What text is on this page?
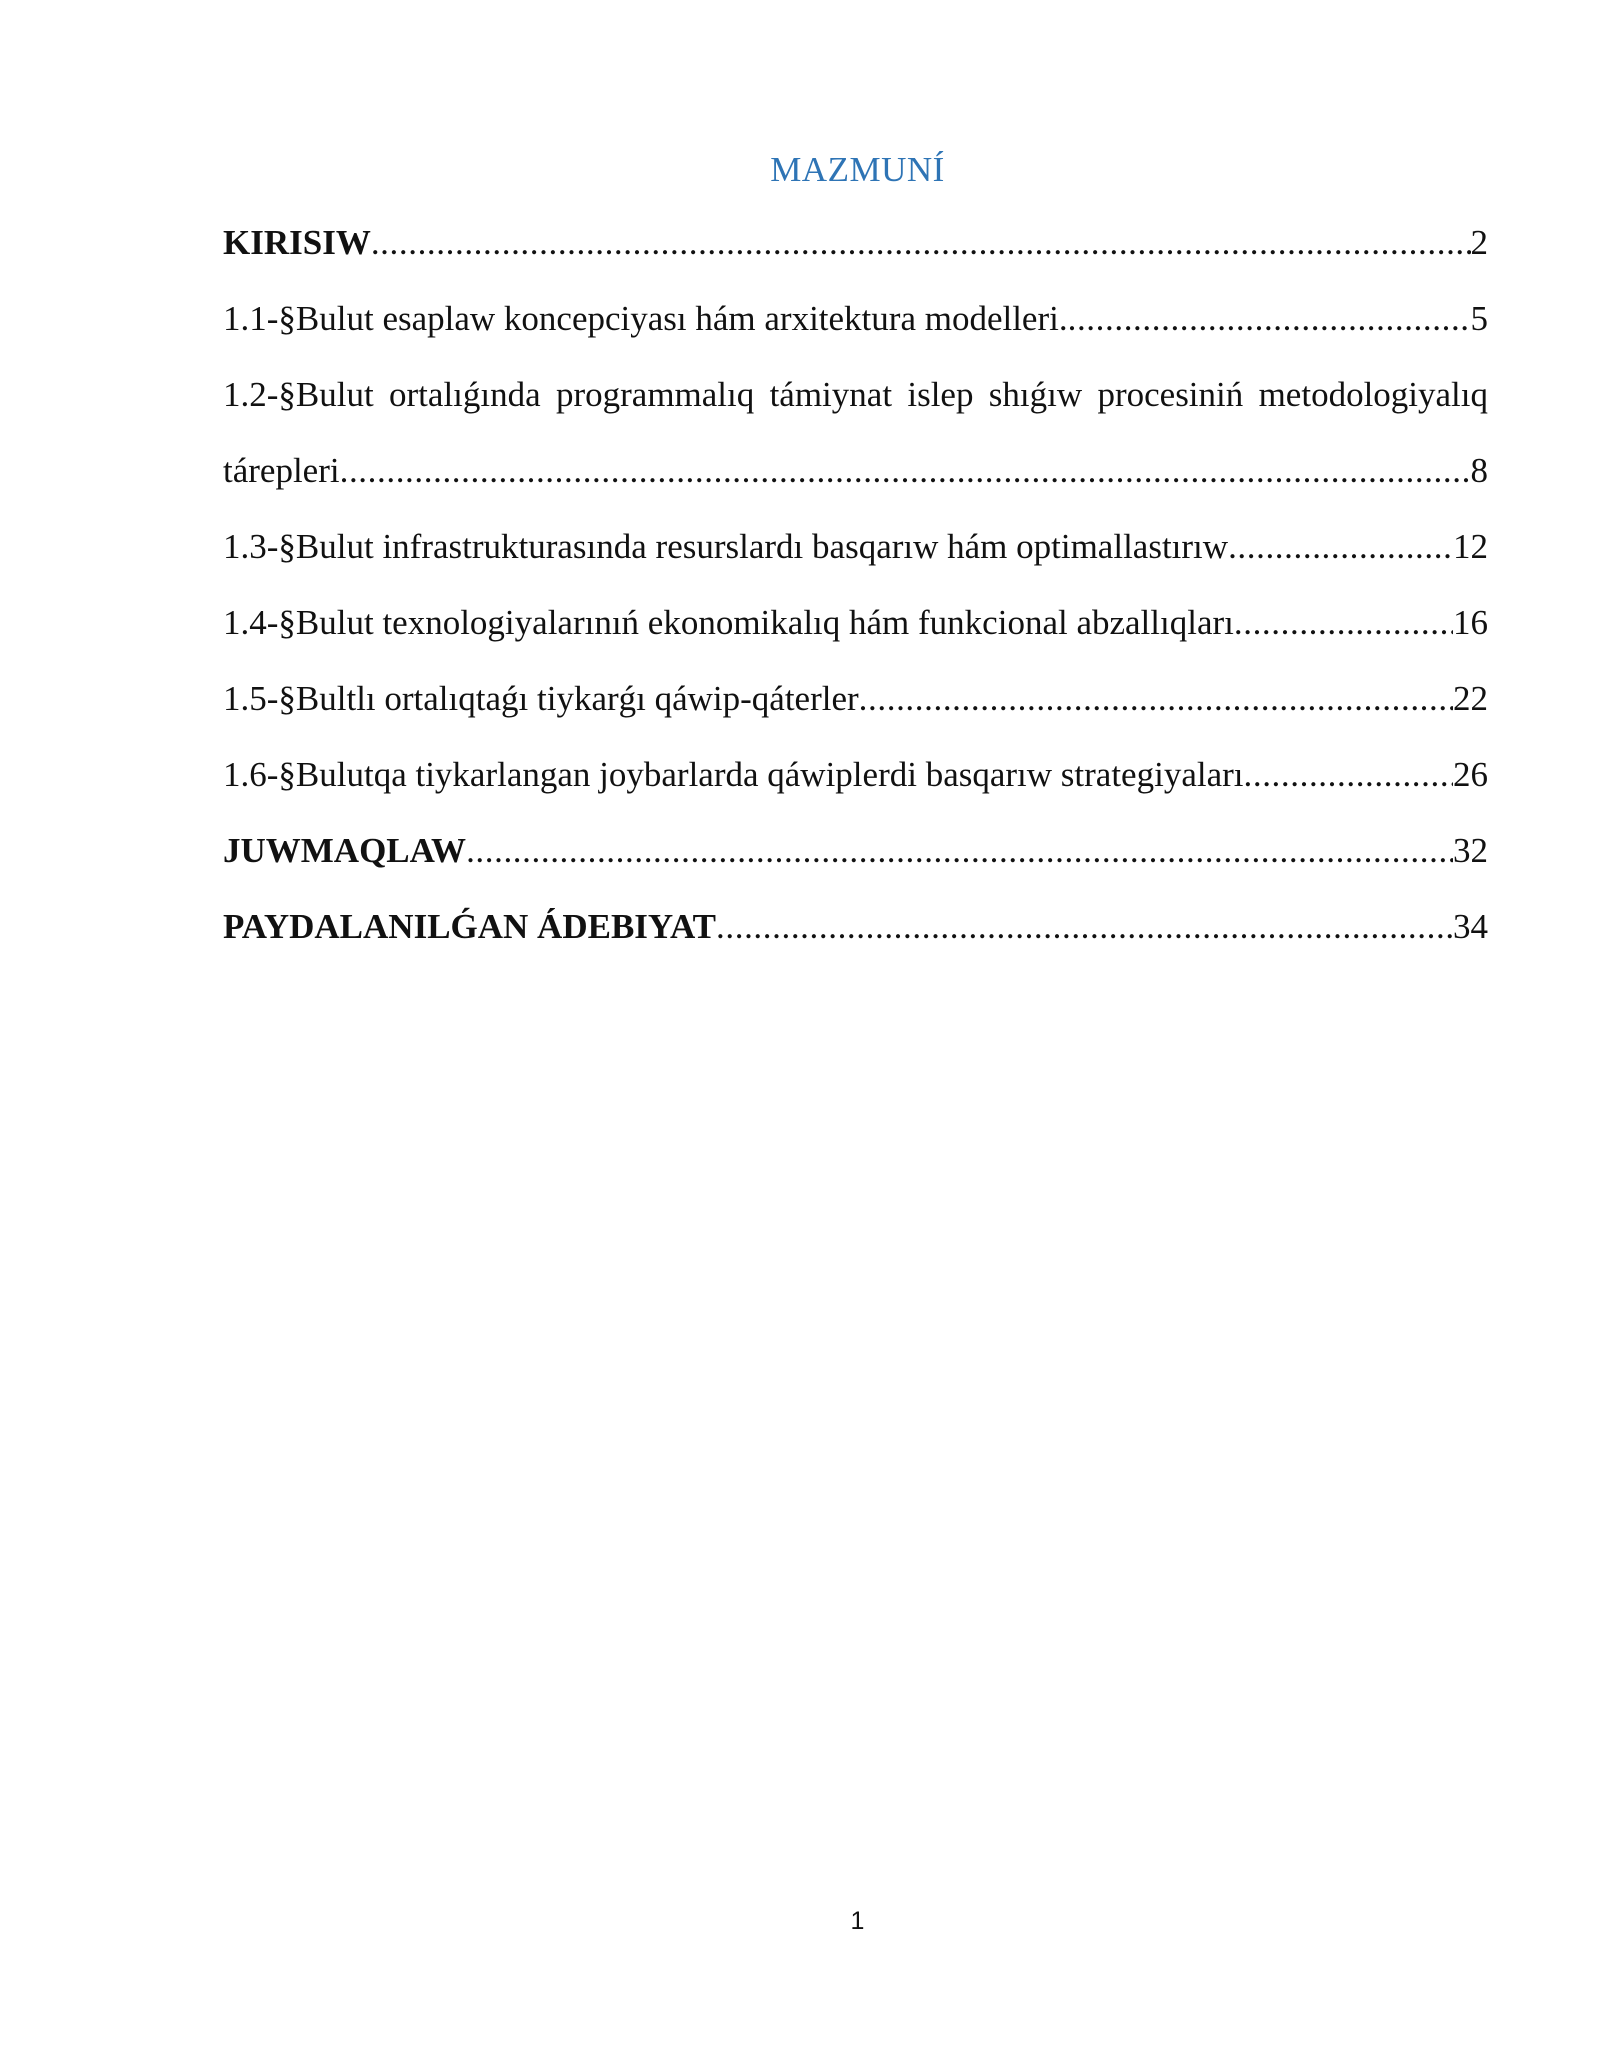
MAZMUNÍ
KIRISIW .....	2
1.1-§Bulut esaplaw koncepciyası hám arxitektura modelleri. .....	5
1.2-§Bulut ortalıǵında programmalıq támiynat islep shıǵıw procesiniń metodologiyalıq
tárepleri .....	8
1.3-§Bulut infrastrukturasında resurslardı basqarıw hám optimallastırıw .....	12
1.4-§Bulut texnologiyalarınıń ekonomikalıq hám funkcional abzallıqları .....	16
1.5-§Bultlı ortalıqtaǵı tiykarǵı qáwip-qáterler .....	22
1.6-§Bulutqa tiykarlangan joybarlarda qáwiplerdi basqarıw strategiyaları .....	26
JUWMAQLAW .....	32
PAYDALANILǴAN ÁDEBIYAT .....	34
1
